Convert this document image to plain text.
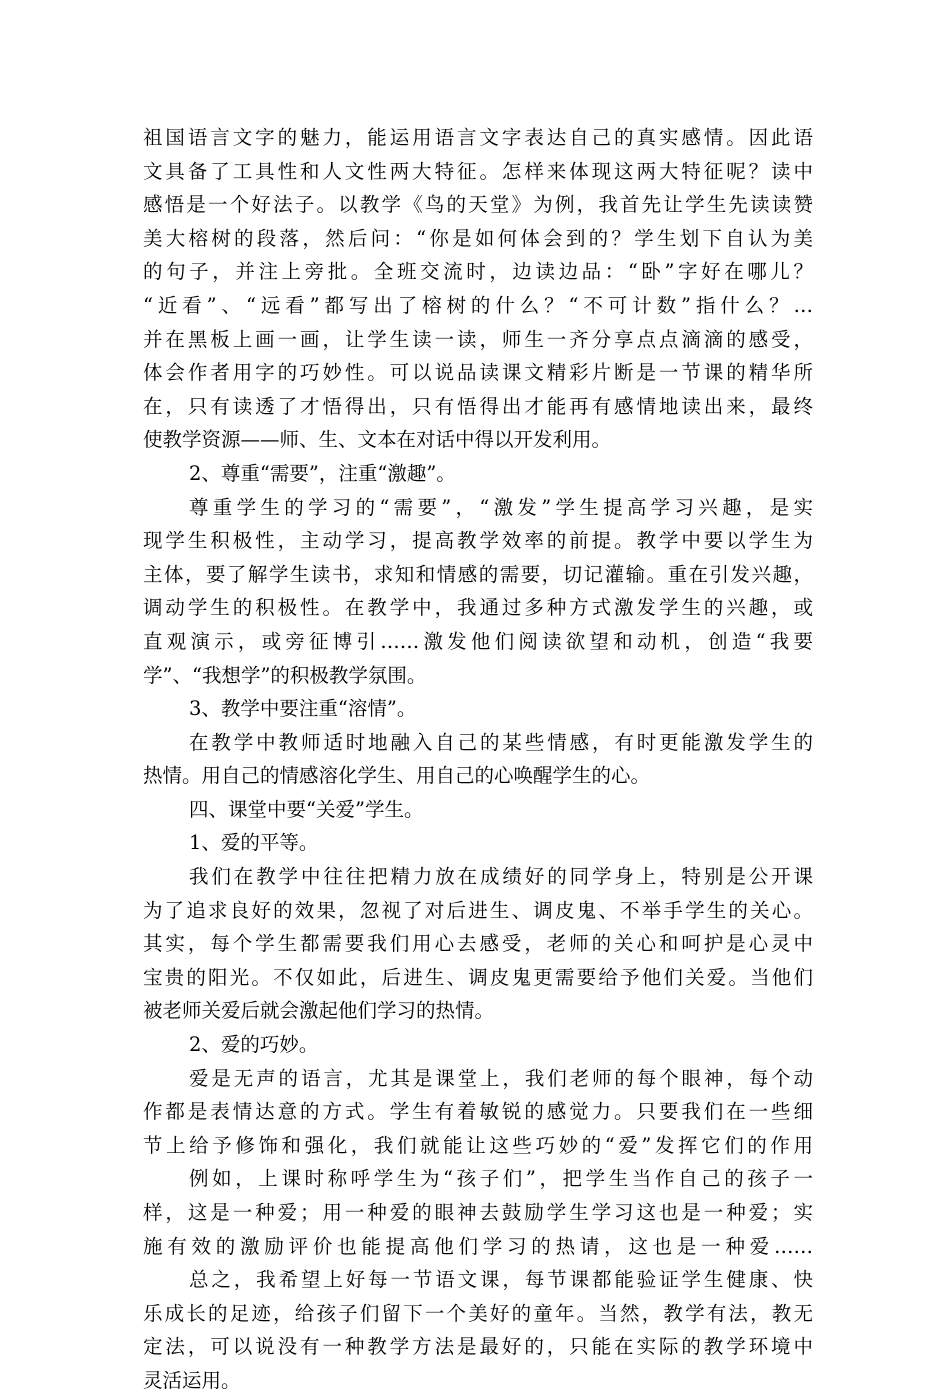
祖国语言文字的魅力，能运用语言文字表达自己的真实感情。因此语
文具备了工具性和人文性两大特征。怎样来体现这两大特征呢？读中
感悟是一个好法子。以教学《鸟的天堂》为例，我首先让学生先读读赞
美大榕树的段落，然后问：“你是如何体会到的？学生划下自认为美
的句子，并注上旁批。全班交流时，边读边品：“卧”字好在哪儿？
“近看”、“远看”都写出了榕树的什么？“不可计数”指什么？…
并在黑板上画一画，让学生读一读，师生一齐分享点点滴滴的感受，
体会作者用字的巧妙性。可以说品读课文精彩片断是一节课的精华所
在，只有读透了才悟得出，只有悟得出才能再有感情地读出来，最终
使教学资源——师、生、文本在对话中得以开发利用。
2、尊重“需要”，注重“激趣”。
尊重学生的学习的“需要”，“激发”学生提高学习兴趣，是实
现学生积极性，主动学习，提高教学效率的前提。教学中要以学生为
主体，要了解学生读书，求知和情感的需要，切记灌输。重在引发兴趣，
调动学生的积极性。在教学中，我通过多种方式激发学生的兴趣，或
直观演示，或旁征博引……激发他们阅读欲望和动机，创造“我要
学”、“我想学”的积极教学氛围。
3、教学中要注重“溶情”。
在教学中教师适时地融入自己的某些情感，有时更能激发学生的
热情。用自己的情感溶化学生、用自己的心唤醒学生的心。
四、课堂中要“关爱”学生。
1、爱的平等。
我们在教学中往往把精力放在成绩好的同学身上，特别是公开课
为了追求良好的效果，忽视了对后进生、调皮鬼、不举手学生的关心。
其实，每个学生都需要我们用心去感受，老师的关心和呵护是心灵中
宝贵的阳光。不仅如此，后进生、调皮鬼更需要给予他们关爱。当他们
被老师关爱后就会激起他们学习的热情。
2、爱的巧妙。
爱是无声的语言，尤其是课堂上，我们老师的每个眼神，每个动
作都是表情达意的方式。学生有着敏锐的感觉力。只要我们在一些细
节上给予修饰和强化，我们就能让这些巧妙的“爱”发挥它们的作用
例如，上课时称呼学生为“孩子们”，把学生当作自己的孩子一
样，这是一种爱；用一种爱的眼神去鼓励学生学习这也是一种爱；实
施有效的激励评价也能提高他们学习的热请，这也是一种爱……
总之，我希望上好每一节语文课，每节课都能验证学生健康、快
乐成长的足迹，给孩子们留下一个美好的童年。当然，教学有法，教无
定法，可以说没有一种教学方法是最好的，只能在实际的教学环境中
灵活运用。
